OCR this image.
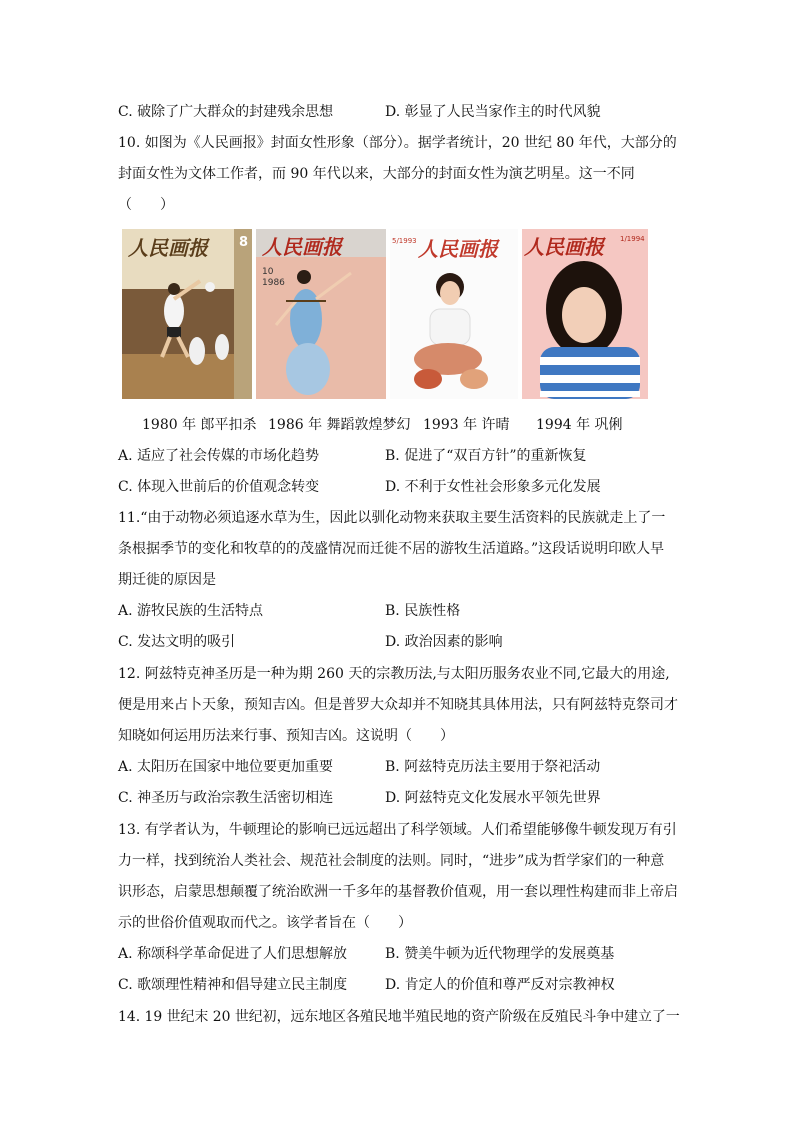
C. 破除了广大群众的封建残余思想	D. 彰显了人民当家作主的时代风貌
10. 如图为《人民画报》封面女性形象（部分）。据学者统计，20 世纪 80 年代，大部分的
封面女性为文体工作者，而 90 年代以来，大部分的封面女性为演艺明星。这一不同
（　　）
人民画报 8 人民画报
10 1986
人民画报
5/1993	人民画报 1/1994
1980 年 郎平扣杀 1986 年 舞蹈敦煌梦幻 1993 年 许晴 1994 年 巩俐
A. 适应了社会传媒的市场化趋势	B. 促进了“双百方针”的重新恢复
C. 体现入世前后的价值观念转变	D. 不利于女性社会形象多元化发展
11.“由于动物必须追逐水草为生，因此以驯化动物来获取主要生活资料的民族就走上了一
条根据季节的变化和牧草的的茂盛情况而迁徙不居的游牧生活道路。”这段话说明印欧人早
期迁徙的原因是
A. 游牧民族的生活特点	B. 民族性格
C. 发达文明的吸引	D. 政治因素的影响
12. 阿兹特克神圣历是一种为期 260 天的宗教历法,与太阳历服务农业不同,它最大的用途,
便是用来占卜天象，预知吉凶。但是普罗大众却并不知晓其具体用法，只有阿兹特克祭司才
知晓如何运用历法来行事、预知吉凶。这说明（　　）
A. 太阳历在国家中地位要更加重要	B. 阿兹特克历法主要用于祭祀活动
C. 神圣历与政治宗教生活密切相连	D. 阿兹特克文化发展水平领先世界
13. 有学者认为，牛顿理论的影响已远远超出了科学领域。人们希望能够像牛顿发现万有引
力一样，找到统治人类社会、规范社会制度的法则。同时，“进步”成为哲学家们的一种意
识形态，启蒙思想颠覆了统治欧洲一千多年的基督教价值观，用一套以理性构建而非上帝启
示的世俗价值观取而代之。该学者旨在（　　）
A. 称颂科学革命促进了人们思想解放	B. 赞美牛顿为近代物理学的发展奠基
C. 歌颂理性精神和倡导建立民主制度	D. 肯定人的价值和尊严反对宗教神权
14. 19 世纪末 20 世纪初，远东地区各殖民地半殖民地的资产阶级在反殖民斗争中建立了一
